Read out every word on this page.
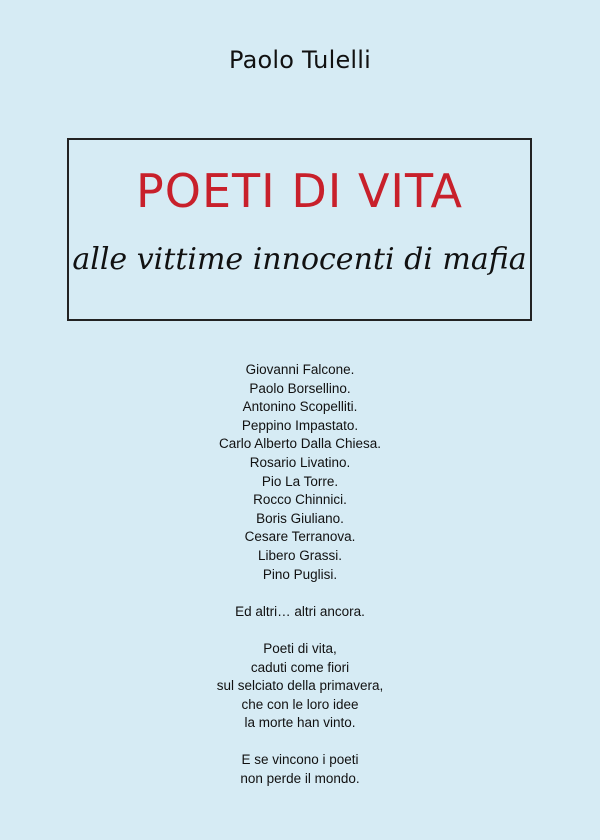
Paolo Tulelli
POETI DI VITA
alle vittime innocenti di mafia
Giovanni Falcone.
Paolo Borsellino.
Antonino Scopelliti.
Peppino Impastato.
Carlo Alberto Dalla Chiesa.
Rosario Livatino.
Pio La Torre.
Rocco Chinnici.
Boris Giuliano.
Cesare Terranova.
Libero Grassi.
Pino Puglisi.
Ed altri… altri ancora.
Poeti di vita,
caduti come fiori
sul selciato della primavera,
che con le loro idee
la morte han vinto.
E se vincono i poeti
non perde il mondo.
